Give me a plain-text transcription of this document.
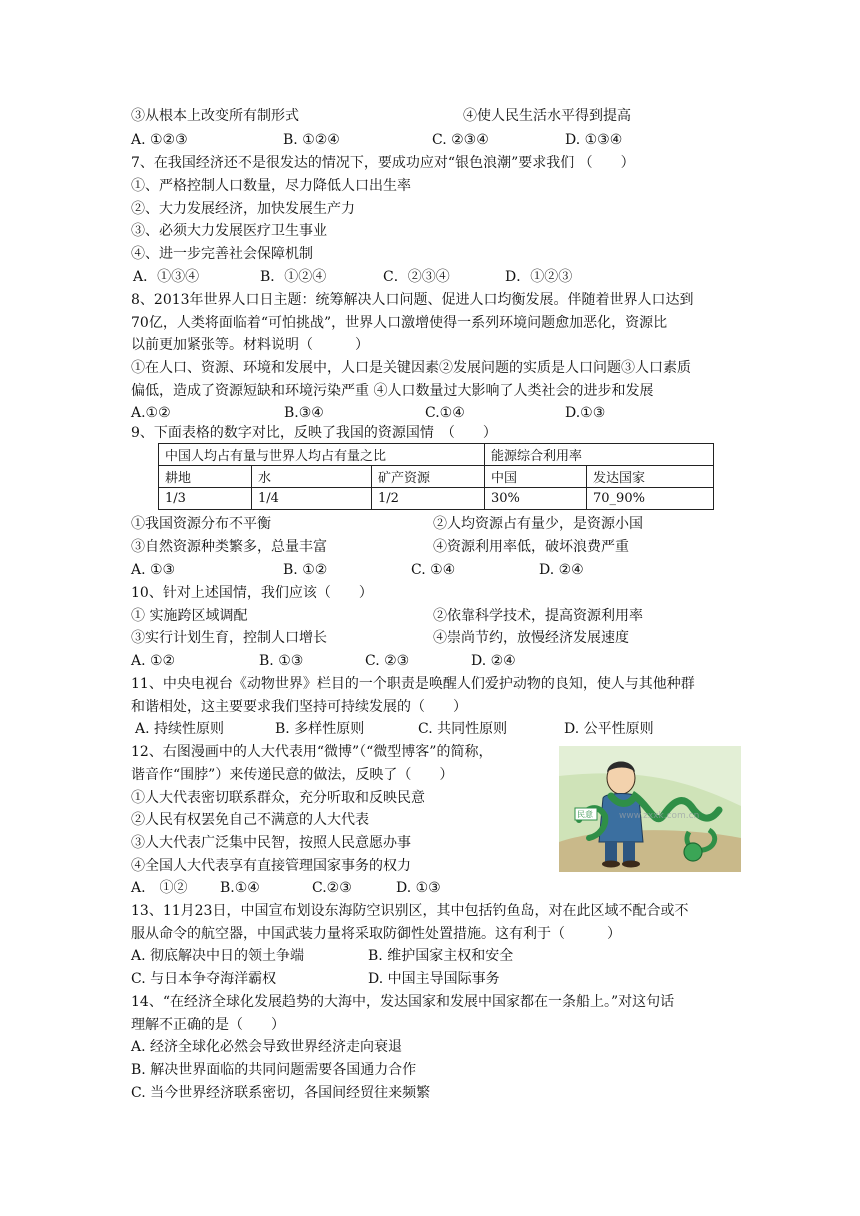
③从根本上改变所有制形式	④使人民生活水平得到提高
A. ①②③	B. ①②④	C. ②③④	D. ①③④
7、在我国经济还不是很发达的情况下，要成功应对“银色浪潮”要求我们 （　　）
①、严格控制人口数量，尽力降低人口出生率
②、大力发展经济，加快发展生产力
③、必须大力发展医疗卫生事业
④、进一步完善社会保障机制
A．①③④	B．①②④	C．②③④	D．①②③
8、2013年世界人口日主题：统筹解决人口问题、促进人口均衡发展。伴随着世界人口达到
70亿，人类将面临着“可怕挑战”，世界人口激增使得一系列环境问题愈加恶化，资源比
以前更加紧张等。材料说明（　　　）
①在人口、资源、环境和发展中，人口是关键因素②发展问题的实质是人口问题③人口素质
偏低，造成了资源短缺和环境污染严重 ④人口数量过大影响了人类社会的进步和发展
A.①②	B.③④	C.①④	D.①③
9、下面表格的数字对比，反映了我国的资源国情　（　　）
中国人均占有量与世界人均占有量之比			能源综合利用率	
耕地	水	矿产资源	中国	发达国家
1/3	1/4	1/2	30%	70_90%
①我国资源分布不平衡	②人均资源占有量少，是资源小国
③自然资源种类繁多，总量丰富	④资源利用率低，破坏浪费严重
A. ①③	B. ①②	C. ①④	D. ②④
10、针对上述国情，我们应该（　　）
① 实施跨区域调配	②依靠科学技术，提高资源利用率
③实行计划生育，控制人口增长	④崇尚节约，放慢经济发展速度
A. ①②	B. ①③	C. ②③	D. ②④
11、中央电视台《动物世界》栏目的一个职责是唤醒人们爱护动物的良知，使人与其他种群
和谐相处，这主要要求我们坚持可持续发展的（　　）
A. 持续性原则	B. 多样性原则	C. 共同性原则	D. 公平性原则
12、右图漫画中的人大代表用“微博”（“微型博客”的简称，
谐音作“围脖”）来传递民意的做法，反映了（　　）
①人大代表密切联系群众，充分听取和反映民意
②人民有权罢免自己不满意的人大代表
③人大代表广泛集中民智，按照人民意愿办事
④全国人大代表享有直接管理国家事务的权力
A.　①② B.①④	C.②③	D. ①③
民意	www.zxxk.com.cn
13、11月23日，中国宣布划设东海防空识别区，其中包括钓鱼岛，对在此区域不配合或不
服从命令的航空器，中国武装力量将采取防御性处置措施。这有利于（　　　）
A. 彻底解决中日的领土争端	B. 维护国家主权和安全
C. 与日本争夺海洋霸权	D. 中国主导国际事务
14、“在经济全球化发展趋势的大海中，发达国家和发展中国家都在一条船上。”对这句话
理解不正确的是（　　）
A. 经济全球化必然会导致世界经济走向衰退
B. 解决世界面临的共同问题需要各国通力合作
C. 当今世界经济联系密切，各国间经贸往来频繁
